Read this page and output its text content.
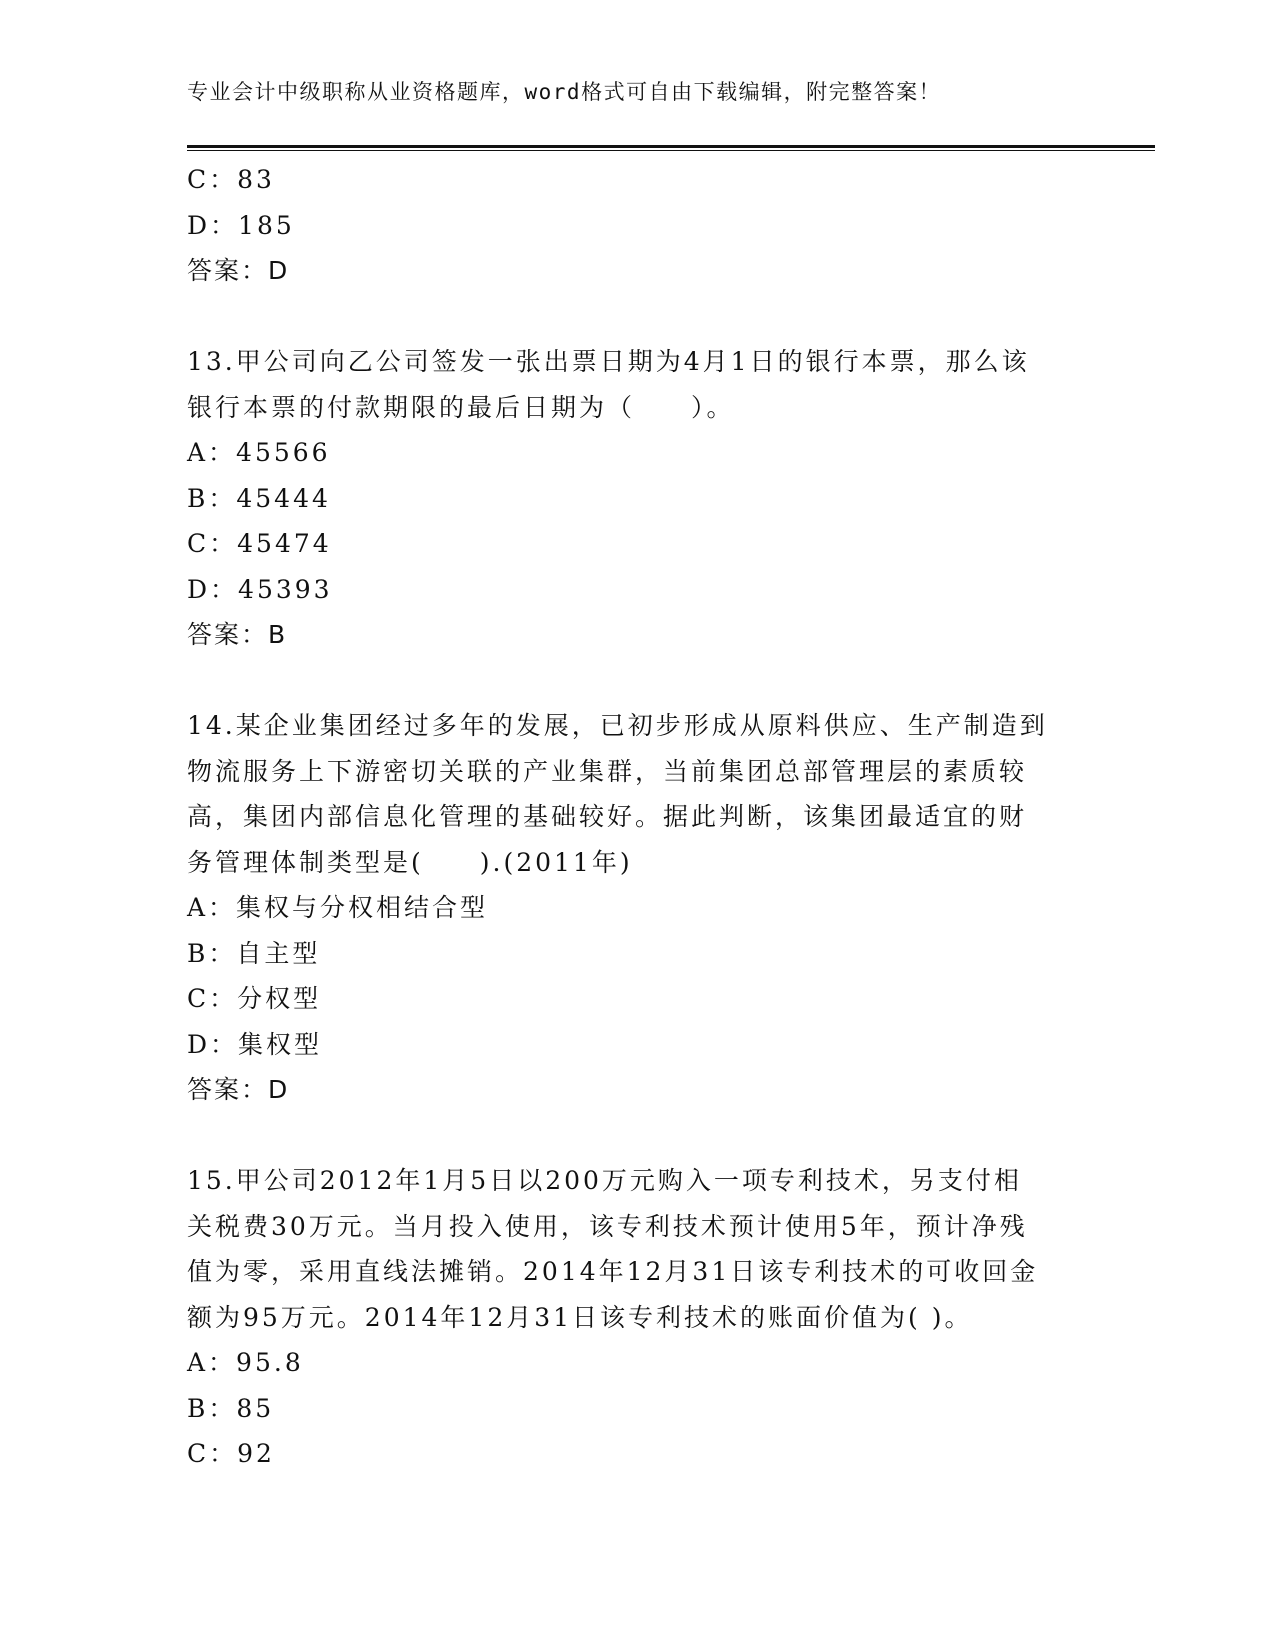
专业会计中级职称从业资格题库，word格式可自由下载编辑，附完整答案！
C：83
D：185
答案：D
13.甲公司向乙公司签发一张出票日期为4月1日的银行本票，那么该
银行本票的付款期限的最后日期为（　　）。
A：45566
B：45444
C：45474
D：45393
答案：B
14.某企业集团经过多年的发展，已初步形成从原料供应、生产制造到
物流服务上下游密切关联的产业集群，当前集团总部管理层的素质较
高，集团内部信息化管理的基础较好。据此判断，该集团最适宜的财
务管理体制类型是(　　).(2011年)
A：集权与分权相结合型
B：自主型
C：分权型
D：集权型
答案：D
15.甲公司2012年1月5日以200万元购入一项专利技术，另支付相
关税费30万元。当月投入使用，该专利技术预计使用5年，预计净残
值为零，采用直线法摊销。2014年12月31日该专利技术的可收回金
额为95万元。2014年12月31日该专利技术的账面价值为( )。
A：95.8
B：85
C：92
